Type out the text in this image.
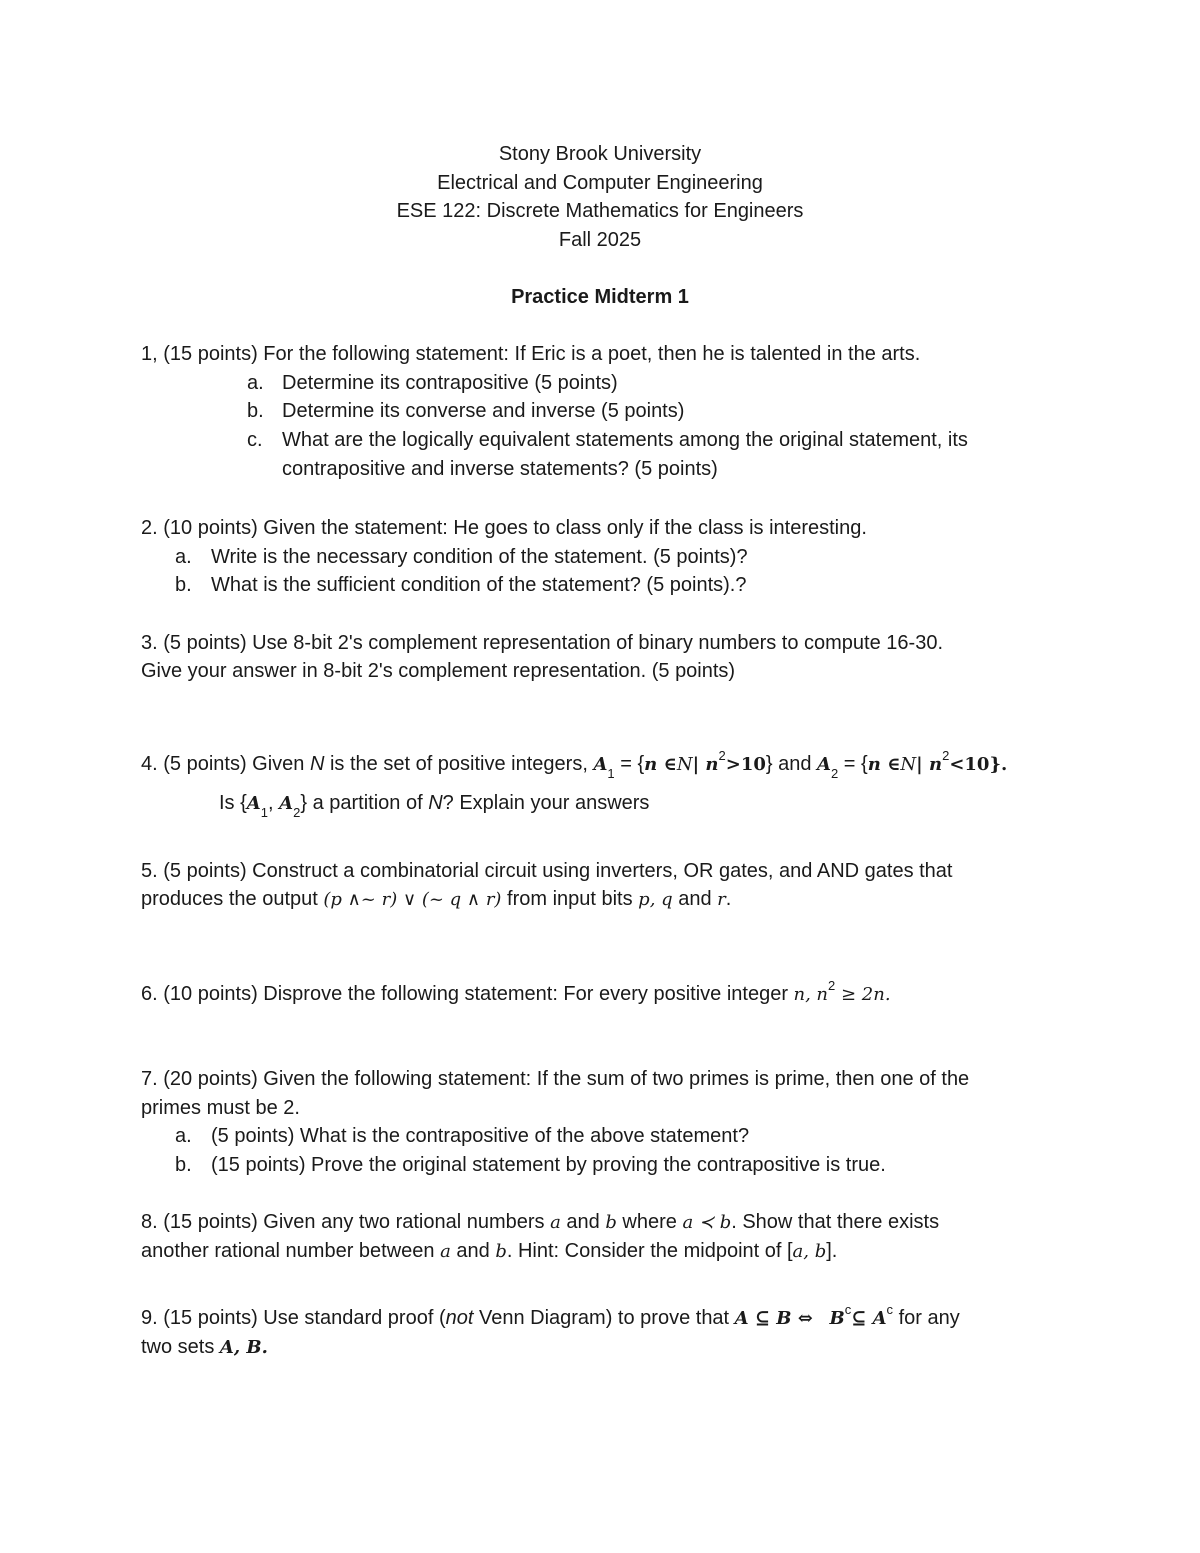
Stony Brook University
Electrical and Computer Engineering
ESE 122: Discrete Mathematics for Engineers
Fall 2025
Practice Midterm 1
1, (15 points) For the following statement: If Eric is a poet, then he is talented in the arts.
a. Determine its contrapositive (5 points)
b. Determine its converse and inverse (5 points)
c. What are the logically equivalent statements among the original statement, its
contrapositive and inverse statements? (5 points)
2. (10 points) Given the statement: He goes to class only if the class is interesting.
a. Write is the necessary condition of the statement. (5 points)?
b. What is the sufficient condition of the statement? (5 points).?
3. (5 points) Use 8-bit 2's complement representation of binary numbers to compute 16-30.
Give your answer in 8-bit 2's complement representation. (5 points)
4. (5 points) Given N is the set of positive integers, $A_1 = \{n$ ∈N| $n^2>10$} and $A_2 = \{n$ ∈N| $n^2<10$}.
Is {$A_1$, $A_2$} a partition of N? Explain your answers
5. (5 points) Construct a combinatorial circuit using inverters, OR gates, and AND gates that
produces the output (p ∧~ r) ∨ (~ q ∧ r) from input bits p, q and r.
6. (10 points) Disprove the following statement: For every positive integer n, $n^2 \ge 2n$.
7. (20 points) Given the following statement: If the sum of two primes is prime, then one of the
primes must be 2.
a. (5 points) What is the contrapositive of the above statement?
b. (15 points) Prove the original statement by proving the contrapositive is true.
8. (15 points) Given any two rational numbers a and b where a ≺ b. Show that there exists
another rational number between a and b. Hint: Consider the midpoint of [a, b].
9. (15 points) Use standard proof (not Venn Diagram) to prove that A ⊆ B ⇔ $B^c⊆$ $A^c$ for any
two sets A, B.
